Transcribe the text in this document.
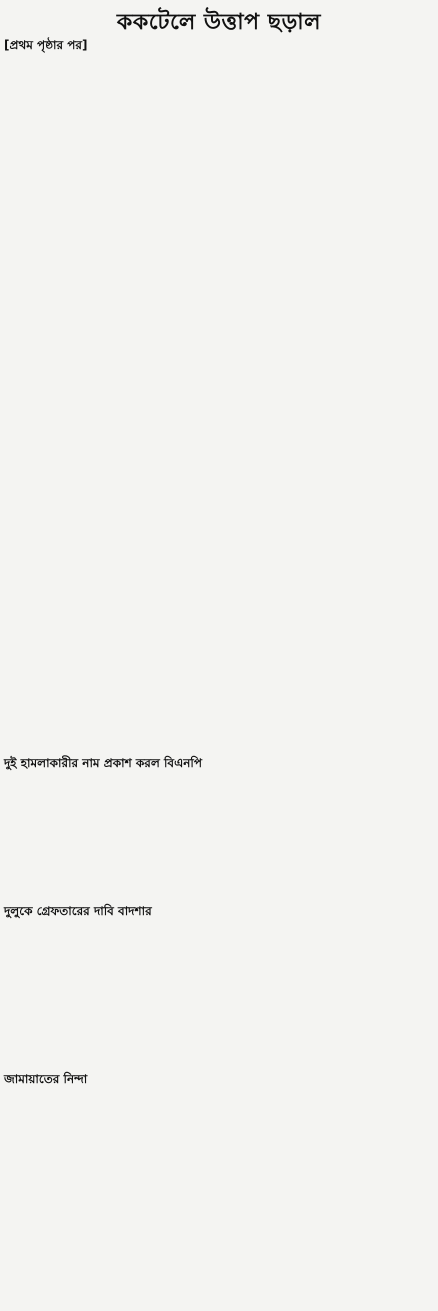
ককটেলে উত্তাপ ছড়াল
[প্রথম পৃষ্ঠার পর]

দুই হামলাকারীর নাম প্রকাশ করল বিএনপি

দুলুকে গ্রেফতারের দাবি বাদশার

জামায়াতের নিন্দা
